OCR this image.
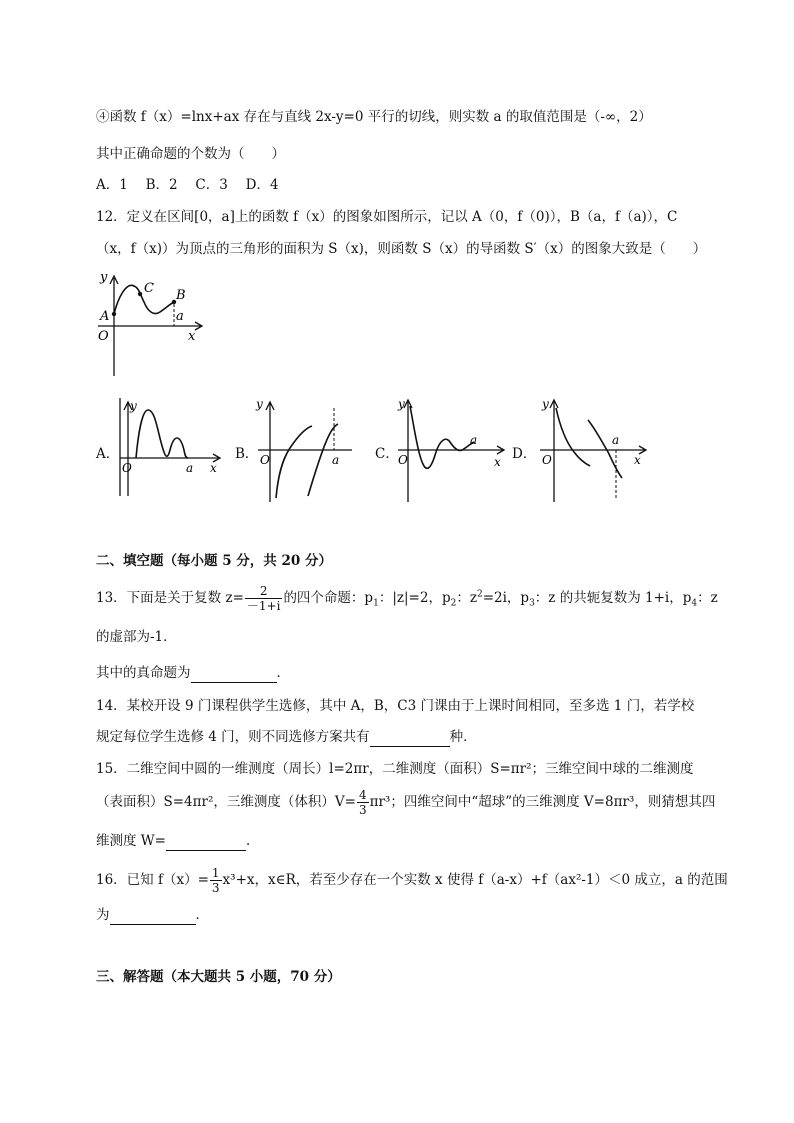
④函数 f（x）=lnx+ax 存在与直线 2x-y=0 平行的切线，则实数 a 的取值范围是（-∞，2）
其中正确命题的个数为（　　）
A．1　 B．2　 C．3　 D．4
12．定义在区间[0，a]上的函数 f（x）的图象如图所示，记以 A（0，f（0)），B（a，f（a)），C
（x，f（x)）为顶点的三角形的面积为 S（x)，则函数 S（x）的导函数 S′（x）的图象大致是（　　）
y
x
O
A
C B
a
A．
y
O	a x
B．
y
O	a	C．
y
O
a
x D．
y
O
a
x
二、填空题（每小题 5 分，共 20 分）
13．下面是关于复数 $z= \frac{2}{-1+i}$ 的四个命题：$p_1$：|z|=2，$p_2$：$z^2=2i$，$p_3$：z 的共轭复数为 1+i，$p_4$：z
的虚部为-1．
其中的真命题为	．
14．某校开设 9 门课程供学生选修，其中 A，B，C3 门课由于上课时间相同，至多选 1 门，若学校
规定每位学生选修 4 门，则不同选修方案共有	种．
15．二维空间中圆的一维测度（周长）l=2πr，二维测度（面积）S=πr²；三维空间中球的二维测度
（表面积）S=4πr²，三维测度（体积）$V= \frac{4}{3} \pi r^3$；四维空间中“超球”的三维测度 V=8πr³，则猜想其四
维测度 W=	．
16．已知 $f(x)= \frac{1}{3} x^3+x$，x∈R，若至少存在一个实数 x 使得 f（a-x）+f（ax²-1）＜0 成立，a 的范围
为	．
三、解答题（本大题共 5 小题，70 分）
